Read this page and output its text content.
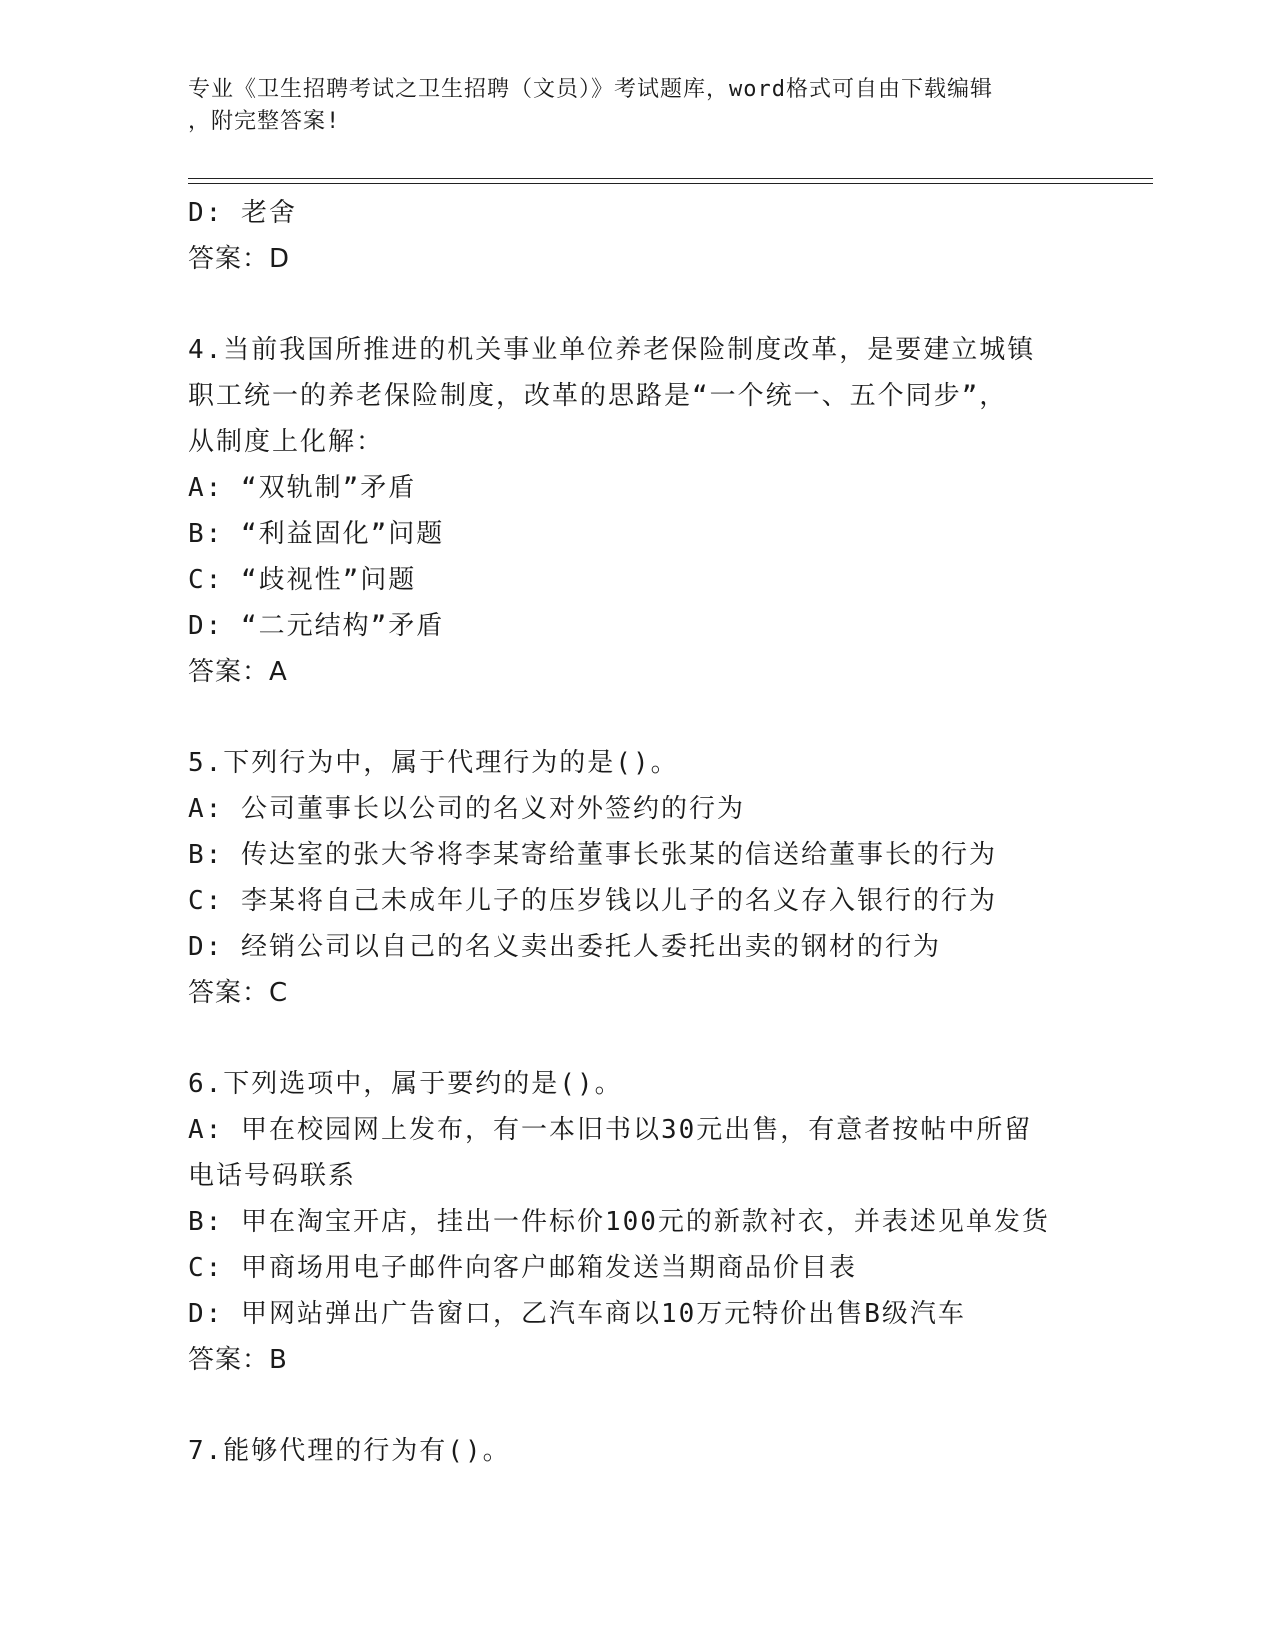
专业《卫生招聘考试之卫生招聘（文员）》考试题库，word格式可自由下载编辑
，附完整答案!
D: 老舍
答案：D
4.当前我国所推进的机关事业单位养老保险制度改革，是要建立城镇
职工统一的养老保险制度，改革的思路是“一个统一、五个同步”，
从制度上化解：
A: “双轨制”矛盾
B: “利益固化”问题
C: “歧视性”问题
D: “二元结构”矛盾
答案：A
5.下列行为中，属于代理行为的是()。
A: 公司董事长以公司的名义对外签约的行为
B: 传达室的张大爷将李某寄给董事长张某的信送给董事长的行为
C: 李某将自己未成年儿子的压岁钱以儿子的名义存入银行的行为
D: 经销公司以自己的名义卖出委托人委托出卖的钢材的行为
答案：C
6.下列选项中，属于要约的是()。
A: 甲在校园网上发布，有一本旧书以30元出售，有意者按帖中所留
电话号码联系
B: 甲在淘宝开店，挂出一件标价100元的新款衬衣，并表述见单发货
C: 甲商场用电子邮件向客户邮箱发送当期商品价目表
D: 甲网站弹出广告窗口，乙汽车商以10万元特价出售B级汽车
答案：B
7.能够代理的行为有()。
